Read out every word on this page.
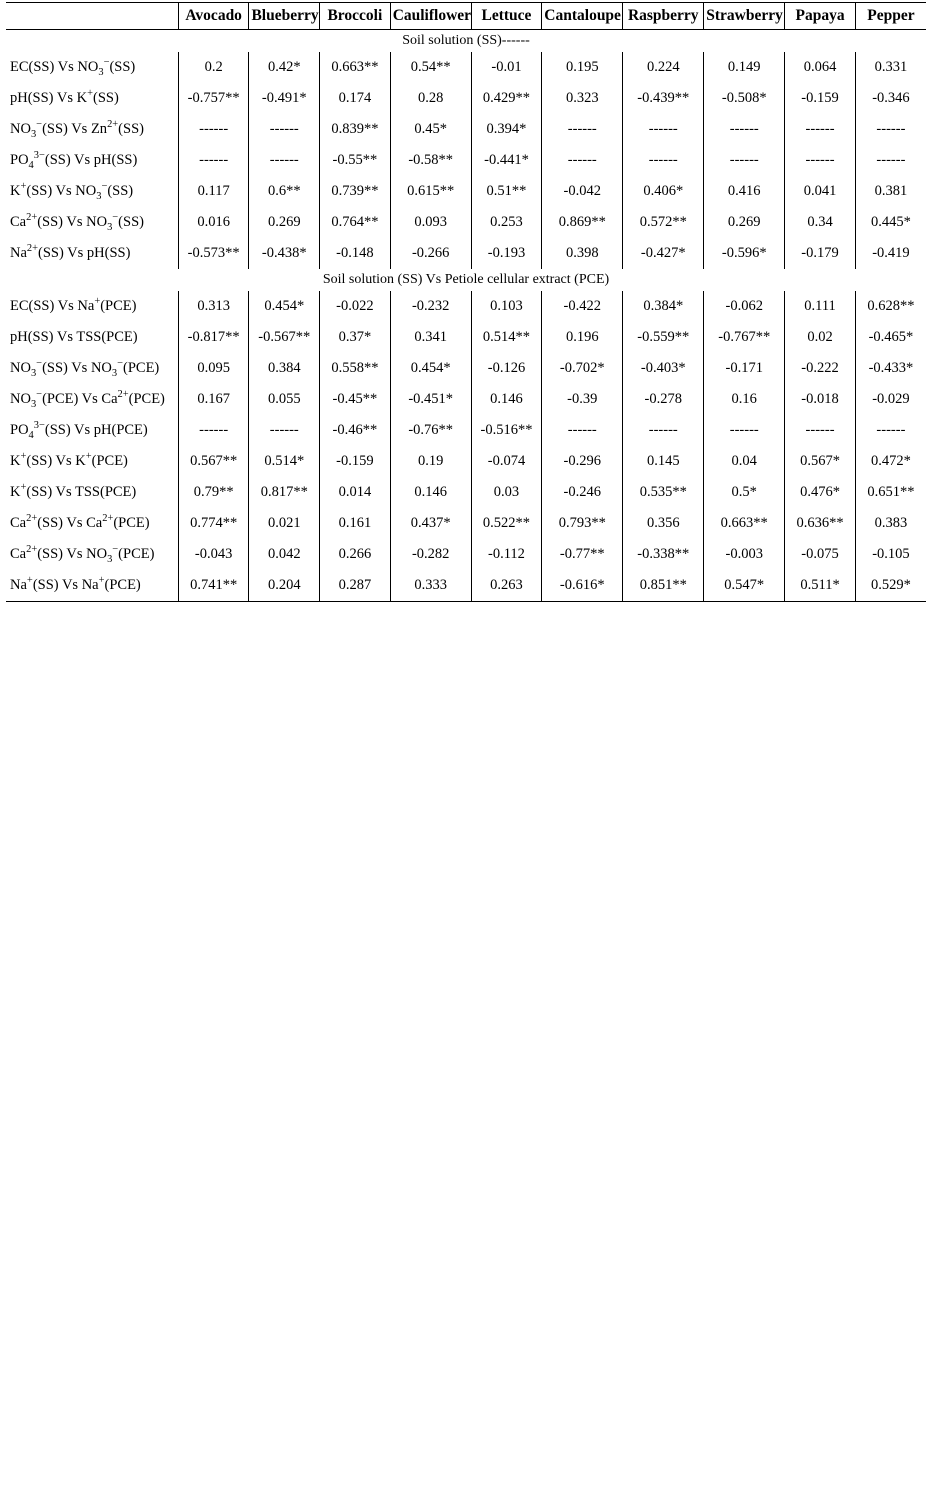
	Avocado	Blueberry	Broccoli	Cauliflower	Lettuce	Cantaloupe	Raspberry	Strawberry	Papaya	Pepper
Soil solution (SS)------										
EC(SS) Vs $NO_3^-(SS)$	0.2	0.42*	0.663**	0.54**	-0.01	0.195	0.224	0.149	0.064	0.331
pH(SS) Vs K+(SS)	-0.757**	-0.491*	0.174	0.28	0.429**	0.323	-0.439**	-0.508*	-0.159	-0.346
$NO_3^-(SS)$ Vs $Zn^{2+}(SS)$	------	------	0.839**	0.45*	0.394*	------	------	------	------	------
$PO_4^{3-}(SS)$ Vs pH(SS)	------	------	-0.55**	-0.58**	-0.441*	------	------	------	------	------
K+(SS) Vs $NO_3^-(SS)$	0.117	0.6**	0.739**	0.615**	0.51**	-0.042	0.406*	0.416	0.041	0.381
$Ca^{2+}(SS)$ Vs $NO_3^-(SS)$	0.016	0.269	0.764**	0.093	0.253	0.869**	0.572**	0.269	0.34	0.445*
$Na^{2+}(SS)$ Vs pH(SS)	-0.573**	-0.438*	-0.148	-0.266	-0.193	0.398	-0.427*	-0.596*	-0.179	-0.419
Soil solution (SS) Vs Petiole cellular extract (PCE)										
EC(SS) Vs Na+(PCE)	0.313	0.454*	-0.022	-0.232	0.103	-0.422	0.384*	-0.062	0.111	0.628**
pH(SS) Vs TSS(PCE)	-0.817**	-0.567**	0.37*	0.341	0.514**	0.196	-0.559**	-0.767**	0.02	-0.465*
$NO_3^-(SS)$ Vs $NO_3^-(PCE)$	0.095	0.384	0.558**	0.454*	-0.126	-0.702*	-0.403*	-0.171	-0.222	-0.433*
$NO_3^-(PCE)$ Vs $Ca^{2+}(PCE)$	0.167	0.055	-0.45**	-0.451*	0.146	-0.39	-0.278	0.16	-0.018	-0.029
$PO_4^{3-}(SS)$ Vs pH(PCE)	------	------	-0.46**	-0.76**	-0.516**	------	------	------	------	------
K+(SS) Vs K+(PCE)	0.567**	0.514*	-0.159	0.19	-0.074	-0.296	0.145	0.04	0.567*	0.472*
K+(SS) Vs TSS(PCE)	0.79**	0.817**	0.014	0.146	0.03	-0.246	0.535**	0.5*	0.476*	0.651**
$Ca^{2+}(SS)$ Vs $Ca^{2+}(PCE)$	0.774**	0.021	0.161	0.437*	0.522**	0.793**	0.356	0.663**	0.636**	0.383
$Ca^{2+}(SS)$ Vs $NO_3^-(PCE)$	-0.043	0.042	0.266	-0.282	-0.112	-0.77**	-0.338**	-0.003	-0.075	-0.105
Na+(SS) Vs Na+(PCE)	0.741**	0.204	0.287	0.333	0.263	-0.616*	0.851**	0.547*	0.511*	0.529*
